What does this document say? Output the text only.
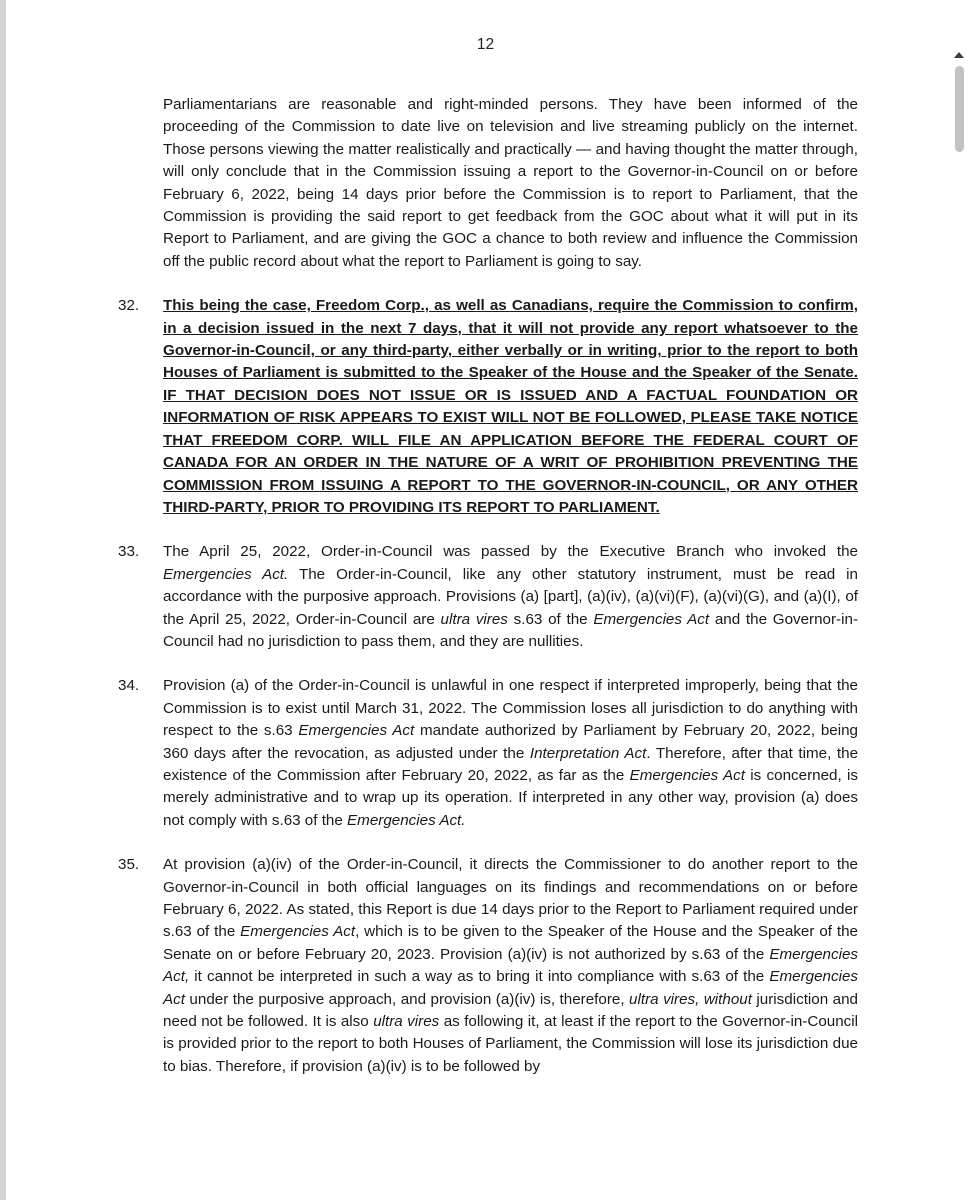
12

Parliamentarians are reasonable and right-minded persons. They have been informed of the proceeding of the Commission to date live on television and live streaming publicly on the internet. Those persons viewing the matter realistically and practically — and having thought the matter through, will only conclude that in the Commission issuing a report to the Governor-in-Council on or before February 6, 2022, being 14 days prior before the Commission is to report to Parliament, that the Commission is providing the said report to get feedback from the GOC about what it will put in its Report to Parliament, and are giving the GOC a chance to both review and influence the Commission off the public record about what the report to Parliament is going to say.

32.	This being the case, Freedom Corp., as well as Canadians, require the Commission to confirm, in a decision issued in the next 7 days, that it will not provide any report whatsoever to the Governor-in-Council, or any third-party, either verbally or in writing, prior to the report to both Houses of Parliament is submitted to the Speaker of the House and the Speaker of the Senate. IF THAT DECISION DOES NOT ISSUE OR IS ISSUED AND A FACTUAL FOUNDATION OR INFORMATION OF RISK APPEARS TO EXIST WILL NOT BE FOLLOWED, PLEASE TAKE NOTICE THAT FREEDOM CORP. WILL FILE AN APPLICATION BEFORE THE FEDERAL COURT OF CANADA FOR AN ORDER IN THE NATURE OF A WRIT OF PROHIBITION PREVENTING THE COMMISSION FROM ISSUING A REPORT TO THE GOVERNOR-IN-COUNCIL, OR ANY OTHER THIRD-PARTY, PRIOR TO PROVIDING ITS REPORT TO PARLIAMENT.

33.	The April 25, 2022, Order-in-Council was passed by the Executive Branch who invoked the Emergencies Act. The Order-in-Council, like any other statutory instrument, must be read in accordance with the purposive approach. Provisions (a) [part], (a)(iv), (a)(vi)(F), (a)(vi)(G), and (a)(I), of the April 25, 2022, Order-in-Council are ultra vires s.63 of the Emergencies Act and the Governor-in-Council had no jurisdiction to pass them, and they are nullities.

34.	Provision (a) of the Order-in-Council is unlawful in one respect if interpreted improperly, being that the Commission is to exist until March 31, 2022. The Commission loses all jurisdiction to do anything with respect to the s.63 Emergencies Act mandate authorized by Parliament by February 20, 2022, being 360 days after the revocation, as adjusted under the Interpretation Act. Therefore, after that time, the existence of the Commission after February 20, 2022, as far as the Emergencies Act is concerned, is merely administrative and to wrap up its operation. If interpreted in any other way, provision (a) does not comply with s.63 of the Emergencies Act.

35.	At provision (a)(iv) of the Order-in-Council, it directs the Commissioner to do another report to the Governor-in-Council in both official languages on its findings and recommendations on or before February 6, 2022. As stated, this Report is due 14 days prior to the Report to Parliament required under s.63 of the Emergencies Act, which is to be given to the Speaker of the House and the Speaker of the Senate on or before February 20, 2023. Provision (a)(iv) is not authorized by s.63 of the Emergencies Act, it cannot be interpreted in such a way as to bring it into compliance with s.63 of the Emergencies Act under the purposive approach, and provision (a)(iv) is, therefore, ultra vires, without jurisdiction and need not be followed. It is also ultra vires as following it, at least if the report to the Governor-in-Council is provided prior to the report to both Houses of Parliament, the Commission will lose its jurisdiction due to bias. Therefore, if provision (a)(iv) is to be followed by
